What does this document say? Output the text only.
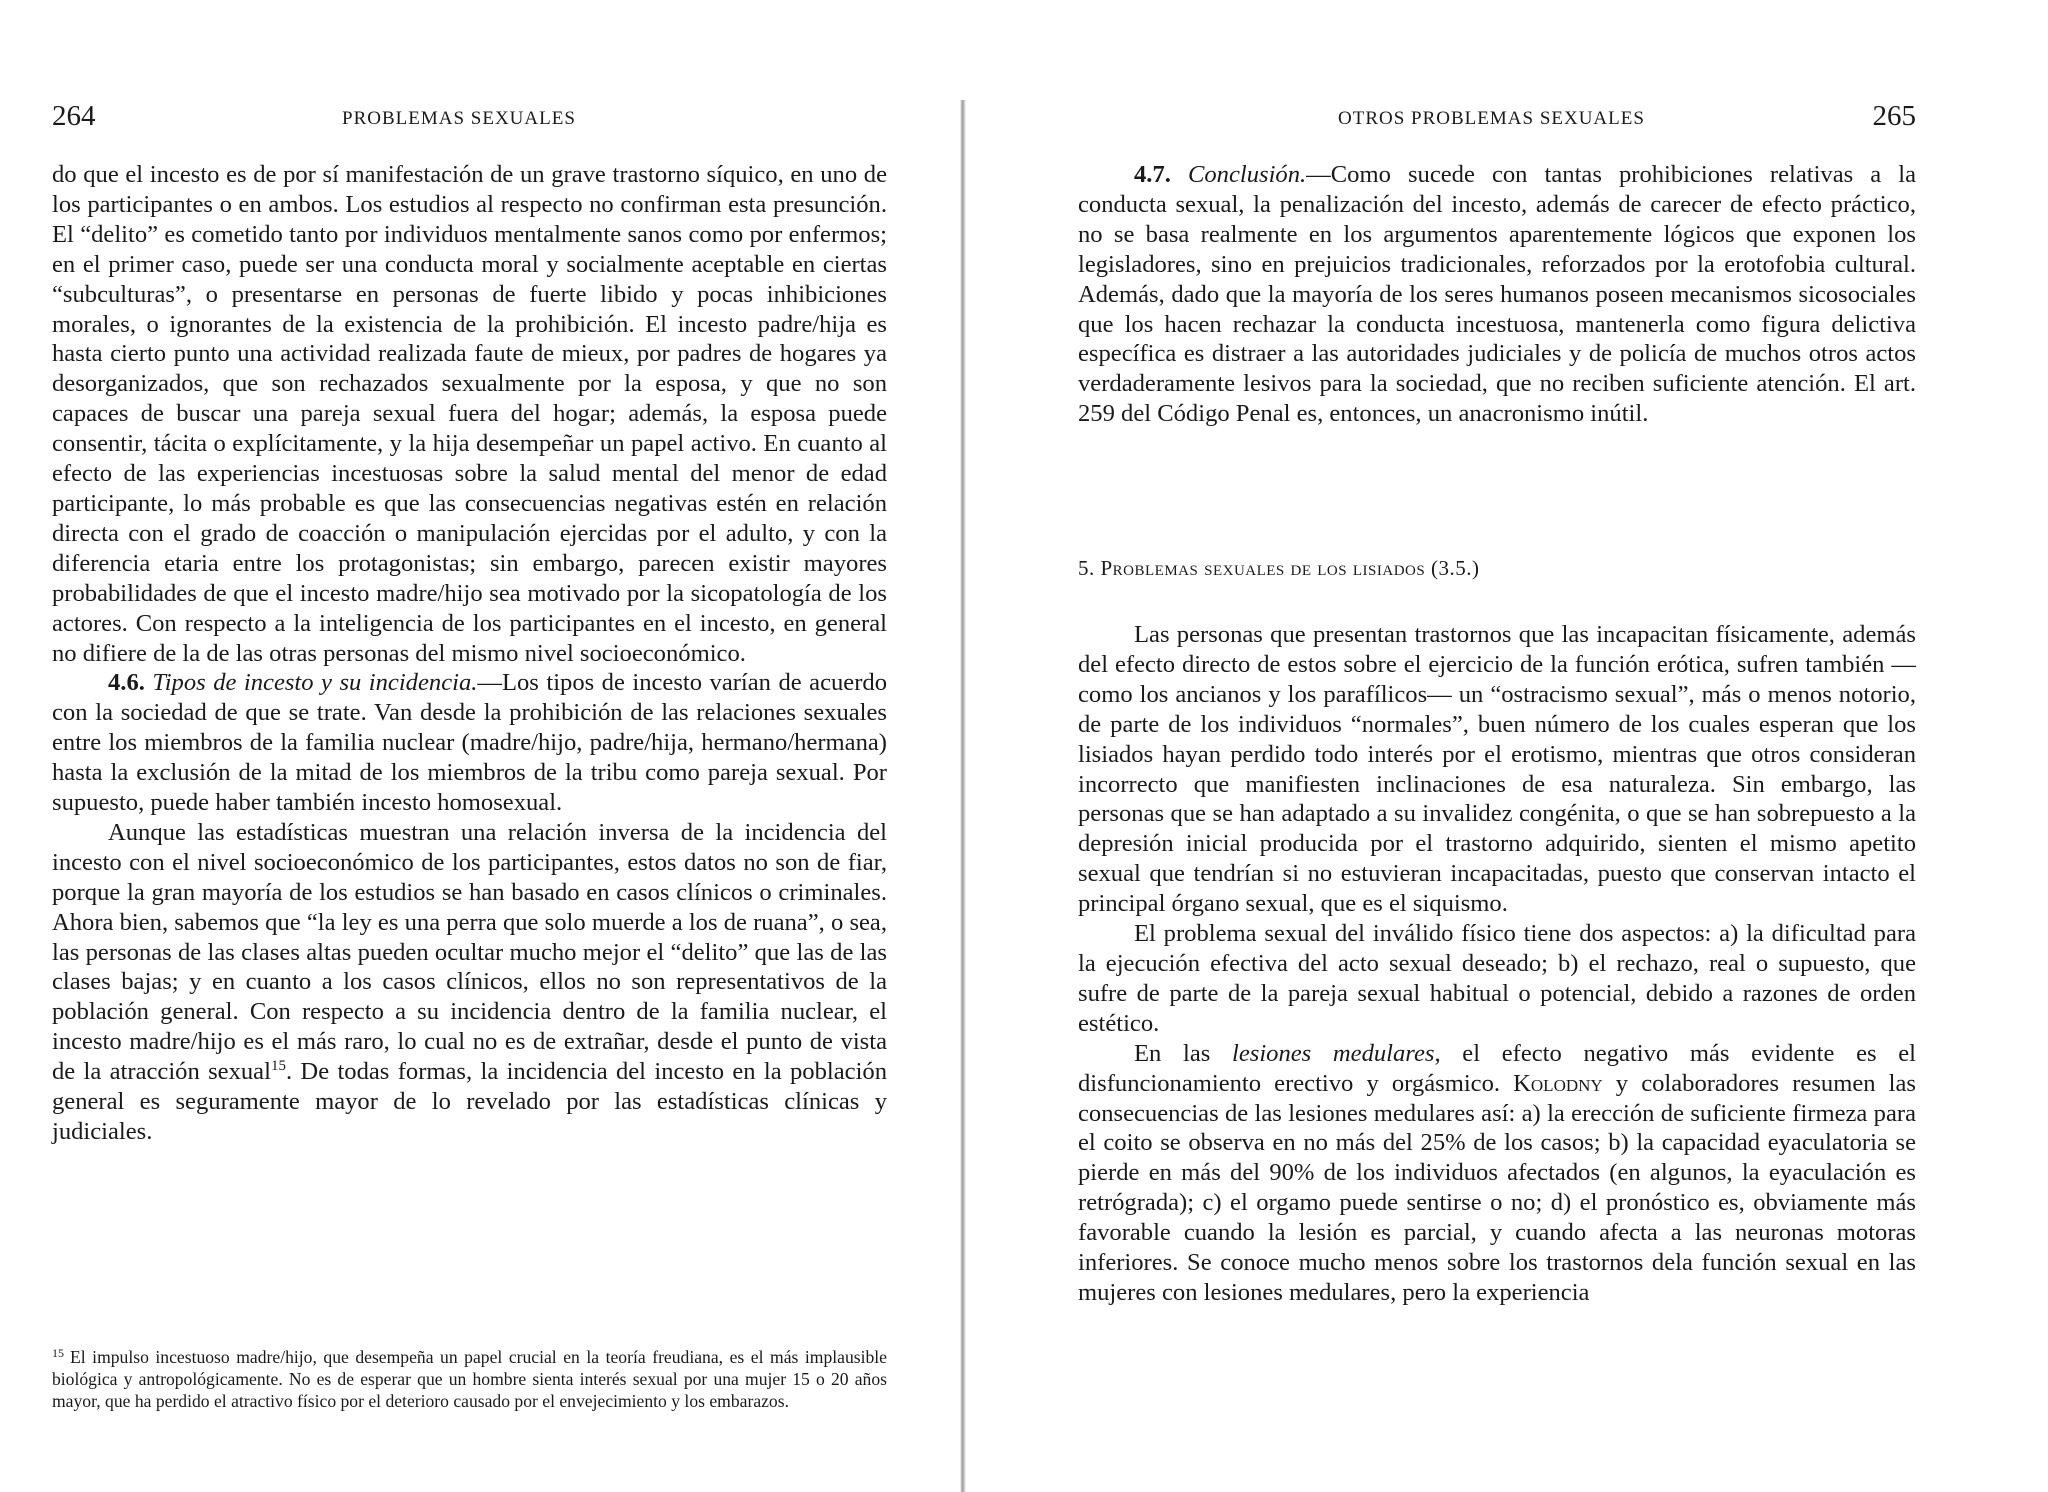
264	PROBLEMAS SEXUALES

do que el incesto es de por sí manifestación de un grave trastorno síquico, en uno de los participantes o en ambos. Los estudios al respecto no confirman esta presunción. El “delito” es cometido tanto por individuos mentalmente sanos como por enfermos; en el primer caso, puede ser una conducta moral y socialmente aceptable en ciertas “subculturas”, o presentarse en personas de fuerte libido y pocas inhibiciones morales, o ignorantes de la existencia de la prohibición. El incesto padre/hija es hasta cierto punto una actividad realizada faute de mieux, por padres de hogares ya desorganizados, que son rechazados sexualmente por la esposa, y que no son capaces de buscar una pareja sexual fuera del hogar; además, la esposa puede consentir, tácita o explícitamente, y la hija desempeñar un papel activo. En cuanto al efecto de las experiencias incestuosas sobre la salud mental del menor de edad participante, lo más probable es que las consecuencias negativas estén en relación directa con el grado de coacción o manipulación ejercidas por el adulto, y con la diferencia etaria entre los protagonistas; sin embargo, parecen existir mayores probabilidades de que el incesto madre/hijo sea motivado por la sicopatología de los actores. Con respecto a la inteligencia de los participantes en el incesto, en general no difiere de la de las otras personas del mismo nivel socioeconómico.

4.6. Tipos de incesto y su incidencia.—Los tipos de incesto varían de acuerdo con la sociedad de que se trate. Van desde la prohibición de las relaciones sexuales entre los miembros de la familia nuclear (madre/hijo, padre/hija, hermano/hermana) hasta la exclusión de la mitad de los miembros de la tribu como pareja sexual. Por supuesto, puede haber también incesto homosexual.

Aunque las estadísticas muestran una relación inversa de la incidencia del incesto con el nivel socioeconómico de los participantes, estos datos no son de fiar, porque la gran mayoría de los estudios se han basado en casos clínicos o criminales. Ahora bien, sabemos que “la ley es una perra que solo muerde a los de ruana”, o sea, las personas de las clases altas pueden ocultar mucho mejor el “delito” que las de las clases bajas; y en cuanto a los casos clínicos, ellos no son representativos de la población general. Con respecto a su incidencia dentro de la familia nuclear, el incesto madre/hijo es el más raro, lo cual no es de extrañar, desde el punto de vista de la atracción sexual$^{15}$. De todas formas, la incidencia del incesto en la población general es seguramente mayor de lo revelado por las estadísticas clínicas y judiciales.

$^{15}$ El impulso incestuoso madre/hijo, que desempeña un papel crucial en la teoría freudiana, es el más implausible biológica y antropológicamente. No es de esperar que un hombre sienta interés sexual por una mujer 15 o 20 años mayor, que ha perdido el atractivo físico por el deterioro causado por el envejecimiento y los embarazos.
OTROS PROBLEMAS SEXUALES	265

4.7. Conclusión.—Como sucede con tantas prohibiciones relativas a la conducta sexual, la penalización del incesto, además de carecer de efecto práctico, no se basa realmente en los argumentos aparentemente lógicos que exponen los legisladores, sino en prejuicios tradicionales, reforzados por la erotofobia cultural. Además, dado que la mayoría de los seres humanos poseen mecanismos sicosociales que los hacen rechazar la conducta incestuosa, mantenerla como figura delictiva específica es distraer a las autoridades judiciales y de policía de muchos otros actos verdaderamente lesivos para la sociedad, que no reciben suficiente atención. El art. 259 del Código Penal es, entonces, un anacronismo inútil.

5. Problemas sexuales de los lisiados (3.5.)

Las personas que presentan trastornos que las incapacitan físicamente, además del efecto directo de estos sobre el ejercicio de la función erótica, sufren también —como los ancianos y los parafílicos— un “ostracismo sexual”, más o menos notorio, de parte de los individuos “normales”, buen número de los cuales esperan que los lisiados hayan perdido todo interés por el erotismo, mientras que otros consideran incorrecto que manifiesten inclinaciones de esa naturaleza. Sin embargo, las personas que se han adaptado a su invalidez congénita, o que se han sobrepuesto a la depresión inicial producida por el trastorno adquirido, sienten el mismo apetito sexual que tendrían si no estuvieran incapacitadas, puesto que conservan intacto el principal órgano sexual, que es el siquismo.

El problema sexual del inválido físico tiene dos aspectos: a) la dificultad para la ejecución efectiva del acto sexual deseado; b) el rechazo, real o supuesto, que sufre de parte de la pareja sexual habitual o potencial, debido a razones de orden estético.

En las lesiones medulares, el efecto negativo más evidente es el disfuncionamiento erectivo y orgásmico. Kolodny y colaboradores resumen las consecuencias de las lesiones medulares así: a) la erección de suficiente firmeza para el coito se observa en no más del 25% de los casos; b) la capacidad eyaculatoria se pierde en más del 90% de los individuos afectados (en algunos, la eyaculación es retrógrada); c) el orgamo puede sentirse o no; d) el pronóstico es, obviamente más favorable cuando la lesión es parcial, y cuando afecta a las neuronas motoras inferiores. Se conoce mucho menos sobre los trastornos dela función sexual en las mujeres con lesiones medulares, pero la experiencia
